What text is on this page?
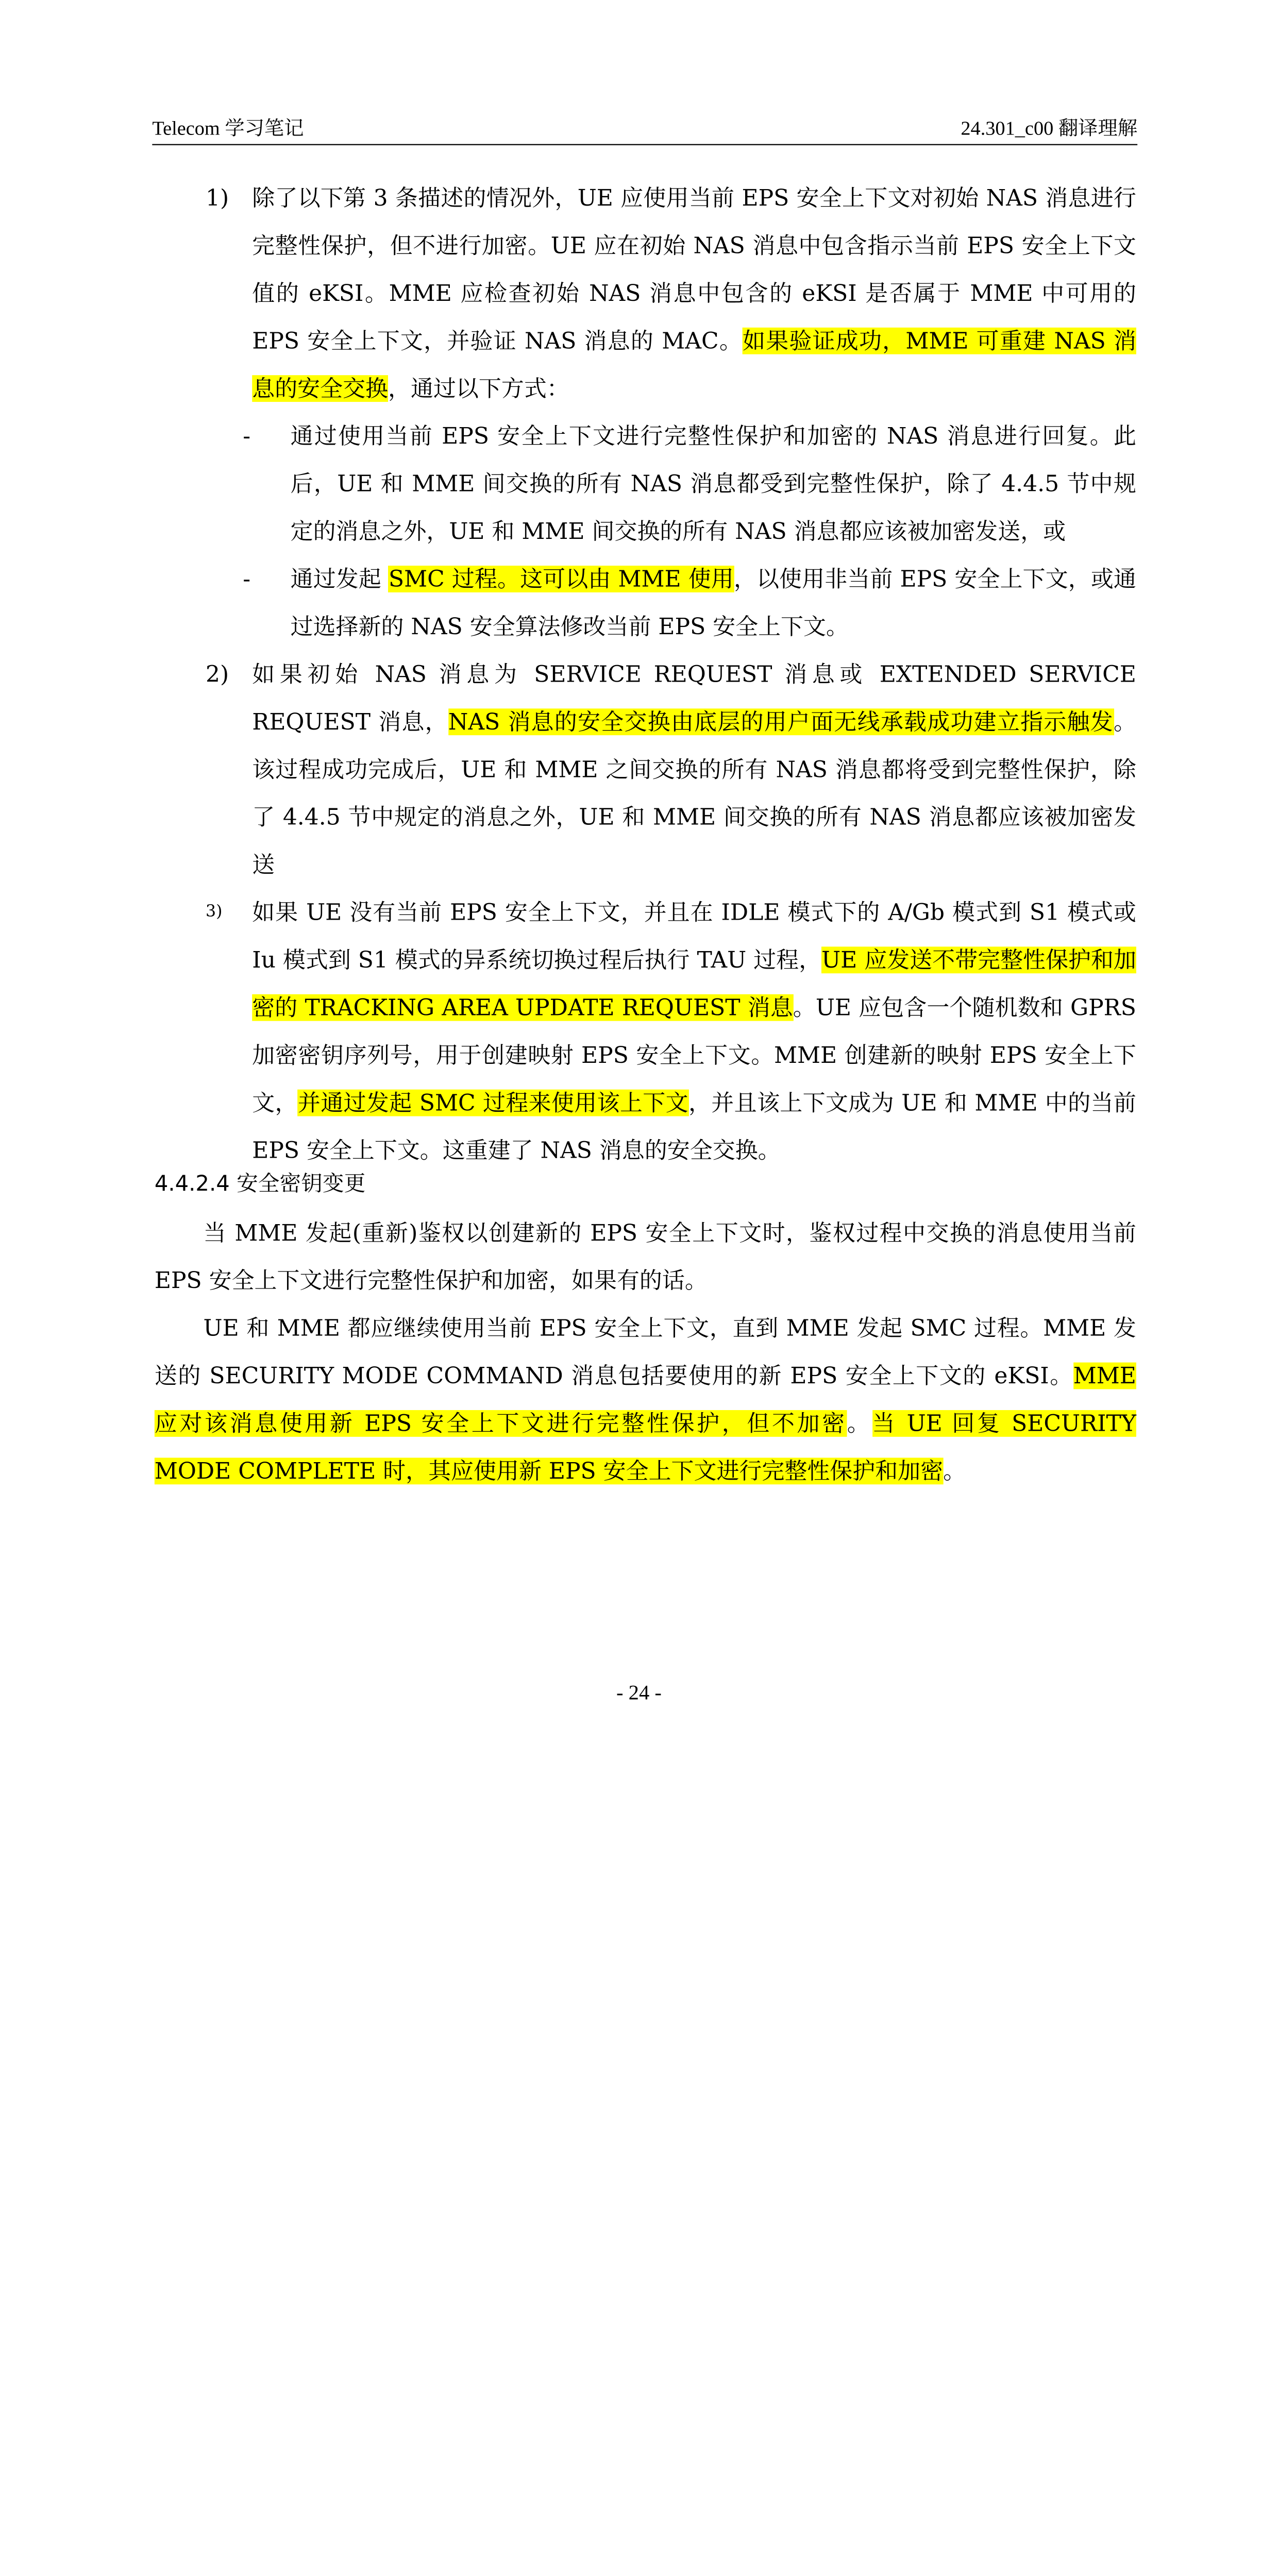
Telecom 学习笔记	24.301_c00 翻译理解
1) 除了以下第 3 条描述的情况外，UE 应使用当前 EPS 安全上下文对初始 NAS 消息进行完整性保护，但不进行加密。UE 应在初始 NAS 消息中包含指示当前 EPS 安全上下文值的 eKSI。MME 应检查初始 NAS 消息中包含的 eKSI 是否属于 MME 中可用的 EPS 安全上下文，并验证 NAS 消息的 MAC。如果验证成功，MME 可重建 NAS 消息的安全交换，通过以下方式：
-	通过使用当前 EPS 安全上下文进行完整性保护和加密的 NAS 消息进行回复。此后，UE 和 MME 间交换的所有 NAS 消息都受到完整性保护，除了 4.4.5 节中规定的消息之外，UE 和 MME 间交换的所有 NAS 消息都应该被加密发送，或
-	通过发起 SMC 过程。这可以由 MME 使用，以使用非当前 EPS 安全上下文，或通过选择新的 NAS 安全算法修改当前 EPS 安全上下文。
2) 如果初始 NAS 消息为 SERVICE REQUEST 消息或 EXTENDED SERVICE REQUEST 消息，NAS 消息的安全交换由底层的用户面无线承载成功建立指示触发。该过程成功完成后，UE 和 MME 之间交换的所有 NAS 消息都将受到完整性保护，除了 4.4.5 节中规定的消息之外，UE 和 MME 间交换的所有 NAS 消息都应该被加密发送
3)	如果 UE 没有当前 EPS 安全上下文，并且在 IDLE 模式下的 A/Gb 模式到 S1 模式或 Iu 模式到 S1 模式的异系统切换过程后执行 TAU 过程，UE 应发送不带完整性保护和加密的 TRACKING AREA UPDATE REQUEST 消息。UE 应包含一个随机数和 GPRS 加密密钥序列号，用于创建映射 EPS 安全上下文。MME 创建新的映射 EPS 安全上下文，并通过发起 SMC 过程来使用该上下文，并且该上下文成为 UE 和 MME 中的当前 EPS 安全上下文。这重建了 NAS 消息的安全交换。
4.4.2.4 安全密钥变更
当 MME 发起(重新)鉴权以创建新的 EPS 安全上下文时，鉴权过程中交换的消息使用当前 EPS 安全上下文进行完整性保护和加密，如果有的话。
UE 和 MME 都应继续使用当前 EPS 安全上下文，直到 MME 发起 SMC 过程。MME 发送的 SECURITY MODE COMMAND 消息包括要使用的新 EPS 安全上下文的 eKSI。MME 应对该消息使用新 EPS 安全上下文进行完整性保护，但不加密。当 UE 回复 SECURITY MODE COMPLETE 时，其应使用新 EPS 安全上下文进行完整性保护和加密。
- 24 -
